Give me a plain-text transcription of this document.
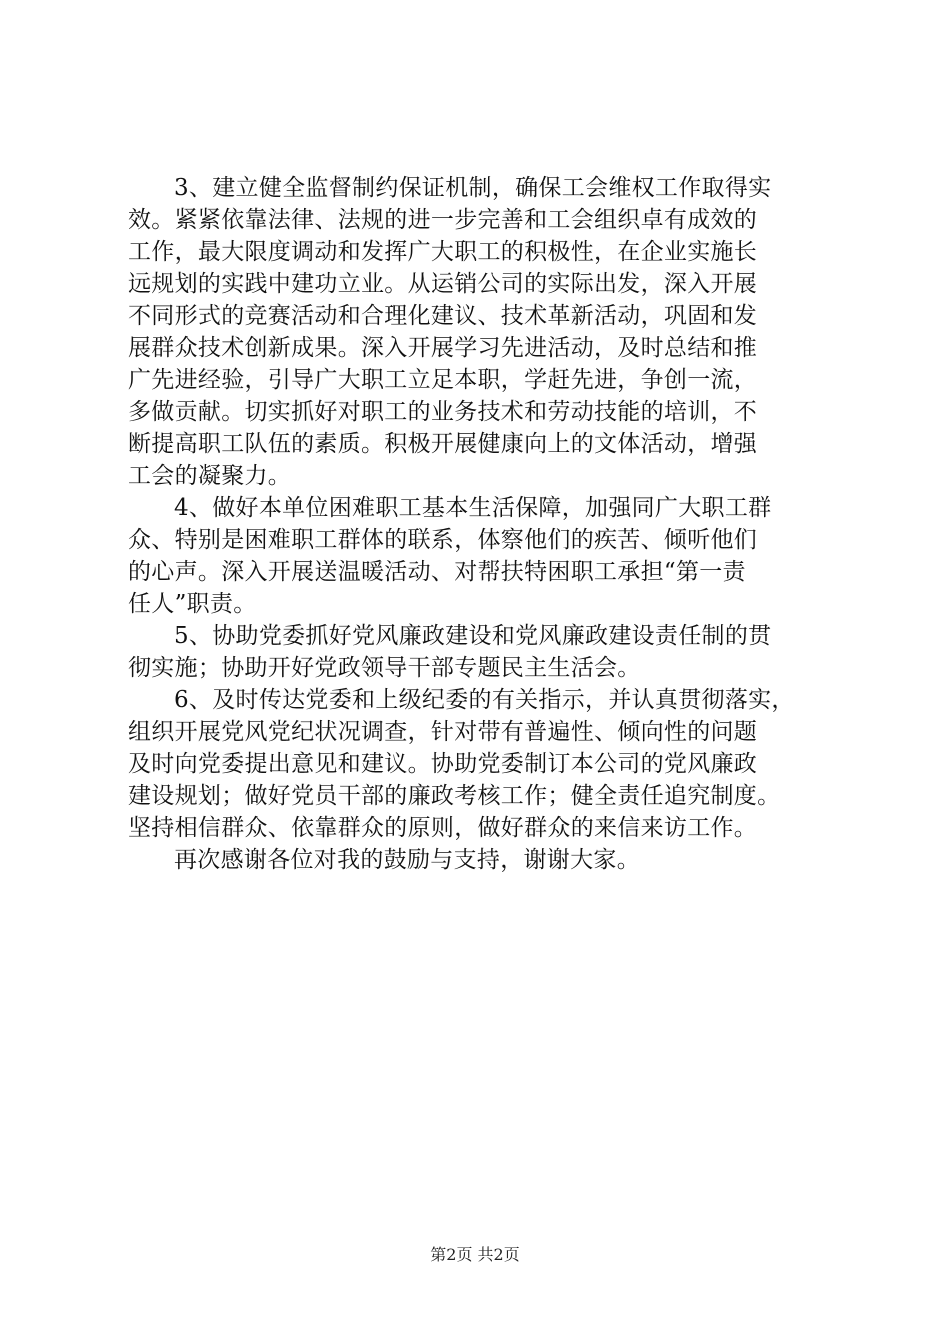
3、建立健全监督制约保证机制，确保工会维权工作取得实
效。紧紧依靠法律、法规的进一步完善和工会组织卓有成效的
工作，最大限度调动和发挥广大职工的积极性，在企业实施长
远规划的实践中建功立业。从运销公司的实际出发，深入开展
不同形式的竞赛活动和合理化建议、技术革新活动，巩固和发
展群众技术创新成果。深入开展学习先进活动，及时总结和推
广先进经验，引导广大职工立足本职，学赶先进，争创一流，
多做贡献。切实抓好对职工的业务技术和劳动技能的培训，不
断提高职工队伍的素质。积极开展健康向上的文体活动，增强
工会的凝聚力。
4、做好本单位困难职工基本生活保障，加强同广大职工群
众、特别是困难职工群体的联系，体察他们的疾苦、倾听他们
的心声。深入开展送温暖活动、对帮扶特困职工承担“第一责
任人”职责。
5、协助党委抓好党风廉政建设和党风廉政建设责任制的贯
彻实施；协助开好党政领导干部专题民主生活会。
6、及时传达党委和上级纪委的有关指示，并认真贯彻落实，
组织开展党风党纪状况调查，针对带有普遍性、倾向性的问题
及时向党委提出意见和建议。协助党委制订本公司的党风廉政
建设规划；做好党员干部的廉政考核工作；健全责任追究制度。
坚持相信群众、依靠群众的原则，做好群众的来信来访工作。
再次感谢各位对我的鼓励与支持，谢谢大家。
第2页 共2页
